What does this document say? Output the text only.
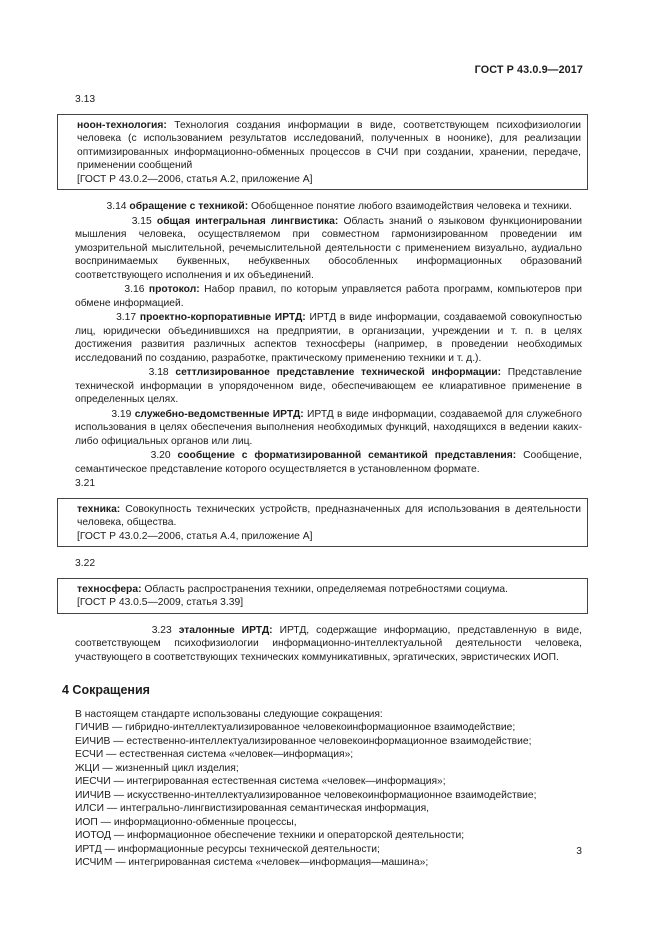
ГОСТ Р 43.0.9—2017
3.13

ноон-технология: Технология создания информации в виде, соответствующем психофизиологии человека (с использованием результатов исследований, полученных в ноонике), для реализации оптимизированных информационно-обменных процессов в СЧИ при создании, хранении, передаче, применении сообщений

[ГОСТ Р 43.0.2—2006, статья А.2, приложение А]

3.14 обращение с техникой: Обобщенное понятие любого взаимодействия человека и техники.

3.15 общая интегральная лингвистика: Область знаний о языковом функционировании мышления человека, осуществляемом при совместном гармонизированном проведении им умозрительной мыслительной, речемыслительной деятельности с применением визуально, аудиально воспринимаемых буквенных, небуквенных обособленных информационных образований соответствующего исполнения и их объединений.

3.16 протокол: Набор правил, по которым управляется работа программ, компьютеров при обмене информацией.

3.17 проектно-корпоративные ИРТД: ИРТД в виде информации, создаваемой совокупностью лиц, юридически объединившихся на предприятии, в организации, учреждении и т. п. в целях достижения развития различных аспектов техносферы (например, в проведении необходимых исследований по созданию, разработке, практическому применению техники и т. д.).

3.18 сеттлизированное представление технической информации: Представление технической информации в упорядоченном виде, обеспечивающем ее клиаративное применение в определенных целях.

3.19 служебно-ведомственные ИРТД: ИРТД в виде информации, создаваемой для служебного использования в целях обеспечения выполнения необходимых функций, находящихся в ведении каких-либо официальных органов или лиц.

3.20 сообщение с форматизированной семантикой представления: Сообщение, семантическое представление которого осуществляется в установленном формате.

3.21

техника: Совокупность технических устройств, предназначенных для использования в деятельности человека, общества.

[ГОСТ Р 43.0.2—2006, статья А.4, приложение А]

3.22

техносфера: Область распространения техники, определяемая потребностями социума.

[ГОСТ Р 43.0.5—2009, статья 3.39]

3.23 эталонные ИРТД: ИРТД, содержащие информацию, представленную в виде, соответствующем психофизиологии информационно-интеллектуальной деятельности человека, участвующего в соответствующих технических коммуникативных, эргатических, эвристических ИОП.

4 Сокращения

В настоящем стандарте использованы следующие сокращения:

ГИЧИВ — гибридно-интеллектуализированное человекоинформационное взаимодействие;

ЕИЧИВ — естественно-интеллектуализированное человекоинформационное взаимодействие;

ЕСЧИ — естественная система «человек—информация»;

ЖЦИ — жизненный цикл изделия;

ИЕСЧИ — интегрированная естественная система «человек—информация»;

ИИЧИВ — искусственно-интеллектуализированное человекоинформационное взаимодействие;

ИЛСИ — интегрально-лингвистизированная семантическая информация,

ИОП — информационно-обменные процессы,

ИОТОД — информационное обеспечение техники и операторской деятельности;

ИРТД — информационные ресурсы технической деятельности;

ИСЧИМ — интегрированная система «человек—информация—машина»;

3
